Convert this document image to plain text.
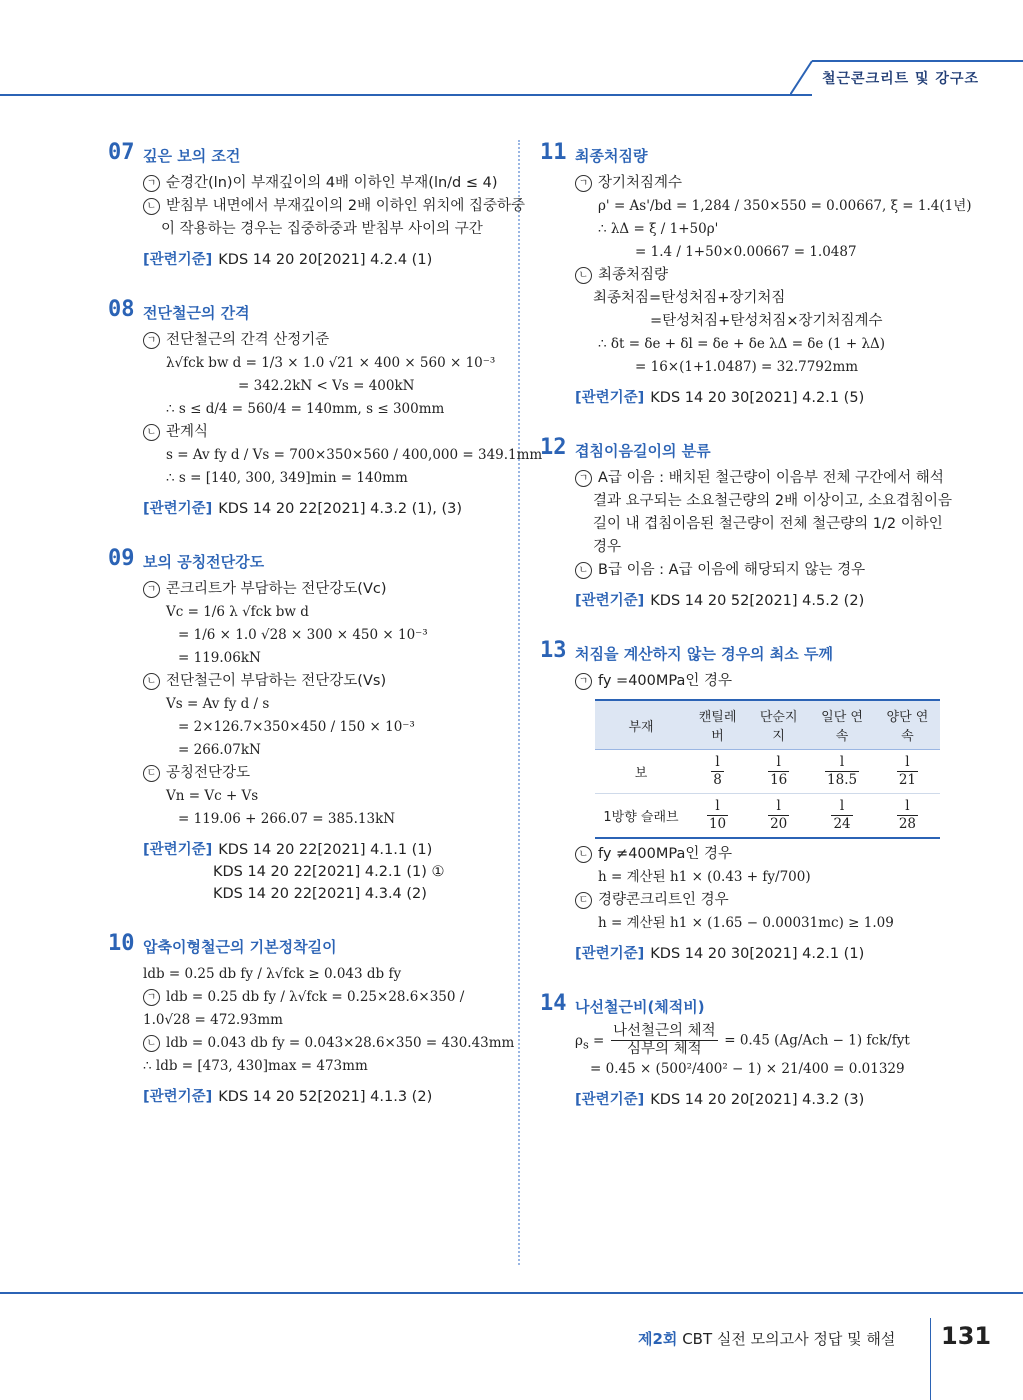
철근콘크리트 및 강구조
07 깊은 보의 조건
ㄱ 순경간(ln)이 부재깊이의 4배 이하인 부재(ln/d ≤ 4)
ㄴ 받침부 내면에서 부재깊이의 2배 이하인 위치에 집중하중
이 작용하는 경우는 집중하중과 받침부 사이의 구간
[관련기준] KDS 14 20 20[2021] 4.2.4 (1)
08 전단철근의 간격
ㄱ 전단철근의 간격 산정기준
λ√fck bw d = 1/3 × 1.0 √21 × 400 × 560 × 10⁻³
= 342.2kN < Vs = 400kN
∴ s ≤ d/4 = 560/4 = 140mm, s ≤ 300mm
ㄴ 관계식
s = Av fy d / Vs = 700×350×560 / 400,000 = 349.1mm
∴ s = [140, 300, 349]min = 140mm
[관련기준] KDS 14 20 22[2021] 4.3.2 (1), (3)
09 보의 공칭전단강도
ㄱ 콘크리트가 부담하는 전단강도(Vc)
Vc = 1/6 λ √fck bw d
= 1/6 × 1.0 √28 × 300 × 450 × 10⁻³
= 119.06kN
ㄴ 전단철근이 부담하는 전단강도(Vs)
Vs = Av fy d / s
= 2×126.7×350×450 / 150 × 10⁻³
= 266.07kN
ㄷ 공칭전단강도
Vn = Vc + Vs
= 119.06 + 266.07 = 385.13kN
[관련기준] KDS 14 20 22[2021] 4.1.1 (1)
KDS 14 20 22[2021] 4.2.1 (1) ①
KDS 14 20 22[2021] 4.3.4 (2)
10 압축이형철근의 기본정착길이
ldb = 0.25 db fy / λ√fck ≥ 0.043 db fy
ㄱ ldb = 0.25 db fy / λ√fck = 0.25×28.6×350 / 1.0√28 = 472.93mm
ㄴ ldb = 0.043 db fy = 0.043×28.6×350 = 430.43mm
∴ ldb = [473, 430]max = 473mm
[관련기준] KDS 14 20 52[2021] 4.1.3 (2)
11 최종처짐량
ㄱ 장기처짐계수
ρ' = As'/bd = 1,284 / 350×550 = 0.00667, ξ = 1.4(1년)
∴ λΔ = ξ / 1+50ρ'
= 1.4 / 1+50×0.00667 = 1.0487
ㄴ 최종처짐량
최종처짐=탄성처짐+장기처짐
=탄성처짐+탄성처짐×장기처짐계수
∴ δt = δe + δl = δe + δe λΔ = δe (1 + λΔ)
= 16×(1+1.0487) = 32.7792mm
[관련기준] KDS 14 20 30[2021] 4.2.1 (5)
12 겹침이음길이의 분류
ㄱ A급 이음 : 배치된 철근량이 이음부 전체 구간에서 해석
결과 요구되는 소요철근량의 2배 이상이고, 소요겹침이음
길이 내 겹침이음된 철근량이 전체 철근량의 1/2 이하인
경우
ㄴ B급 이음 : A급 이음에 해당되지 않는 경우
[관련기준] KDS 14 20 52[2021] 4.5.2 (2)
13 처짐을 계산하지 않는 경우의 최소 두께
ㄱ fy =400MPa인 경우
부재	캔틸레버	단순지지	일단 연속	양단 연속
보	$\frac{l}{8}$	$\frac{l}{16}$	$\frac{l}{18.5}$	$\frac{l}{21}$

1방향 슬래브	$\frac{l}{10}$	$\frac{l}{20}$	$\frac{l}{24}$	$\frac{l}{28}$
ㄴ fy ≠400MPa인 경우
h = 계산된 h1 × (0.43 + fy/700)
ㄷ 경량콘크리트인 경우
h = 계산된 h1 × (1.65 − 0.00031mc) ≥ 1.09
[관련기준] KDS 14 20 30[2021] 4.2.1 (1)
14 나선철근비(체적비)
$\rho_s = \frac{\text{나선철근의 체적}}{\text{심부의 체적}} = 0.45$ (Ag/Ach − 1) fck/fyt
= 0.45 × (500²/400² − 1) × 21/400 = 0.01329
[관련기준] KDS 14 20 20[2021] 4.3.2 (3)
제2회 CBT 실전 모의고사 정답 및 해설 131
